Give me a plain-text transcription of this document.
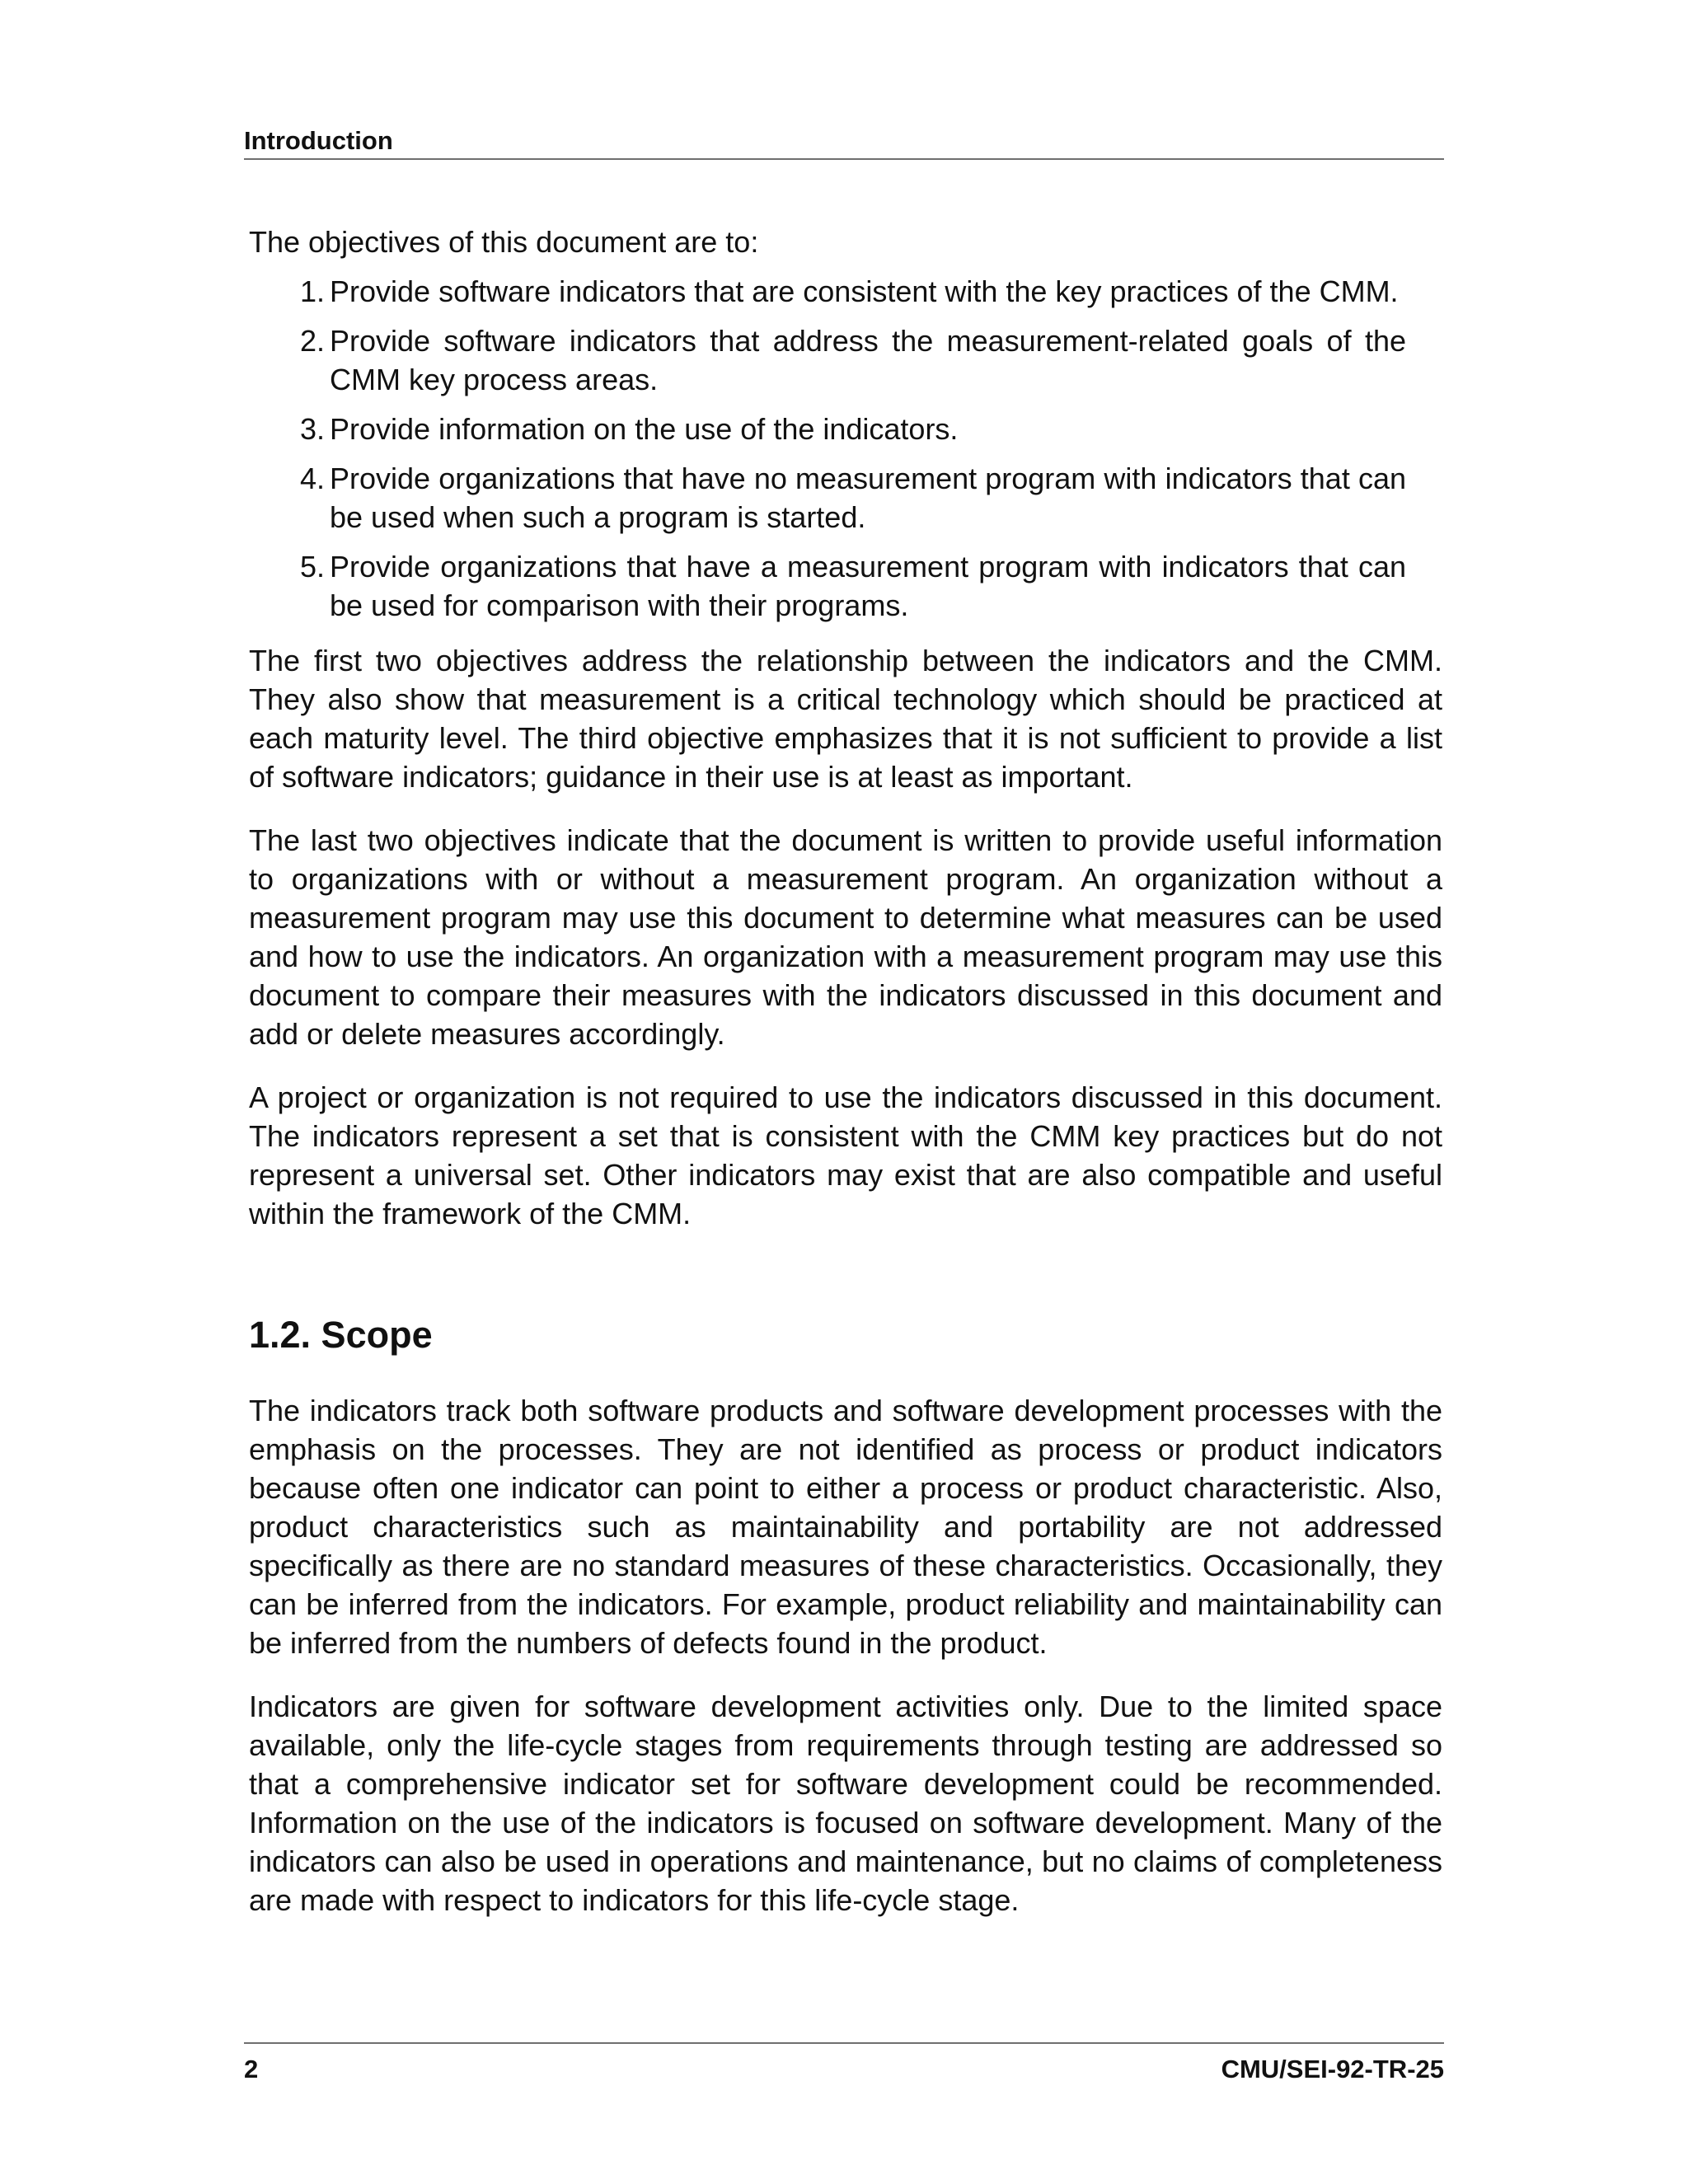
Introduction

The objectives of this document are to:

1. Provide software indicators that are consistent with the key practices of the CMM.
2. Provide software indicators that address the measurement-related goals of the CMM key process areas.
3. Provide information on the use of the indicators.
4. Provide organizations that have no measurement program with indicators that can be used when such a program is started.
5. Provide organizations that have a measurement program with indicators that can be used for comparison with their programs.

The first two objectives address the relationship between the indicators and the CMM. They also show that measurement is a critical technology which should be practiced at each maturity level. The third objective emphasizes that it is not sufficient to provide a list of software indicators; guidance in their use is at least as important.

The last two objectives indicate that the document is written to provide useful information to organizations with or without a measurement program. An organization without a measurement program may use this document to determine what measures can be used and how to use the indicators. An organization with a measurement program may use this document to compare their measures with the indicators discussed in this document and add or delete measures accordingly.

A project or organization is not required to use the indicators discussed in this document. The indicators represent a set that is consistent with the CMM key practices but do not represent a universal set. Other indicators may exist that are also compatible and useful within the framework of the CMM.

1.2. Scope

The indicators track both software products and software development processes with the emphasis on the processes. They are not identified as process or product indicators because often one indicator can point to either a process or product characteristic. Also, product characteristics such as maintainability and portability are not addressed specifically as there are no standard measures of these characteristics. Occasionally, they can be inferred from the indicators. For example, product reliability and maintainability can be inferred from the numbers of defects found in the product.

Indicators are given for software development activities only. Due to the limited space available, only the life-cycle stages from requirements through testing are addressed so that a comprehensive indicator set for software development could be recommended. Information on the use of the indicators is focused on software development. Many of the indicators can also be used in operations and maintenance, but no claims of completeness are made with respect to indicators for this life-cycle stage.

2	CMU/SEI-92-TR-25
